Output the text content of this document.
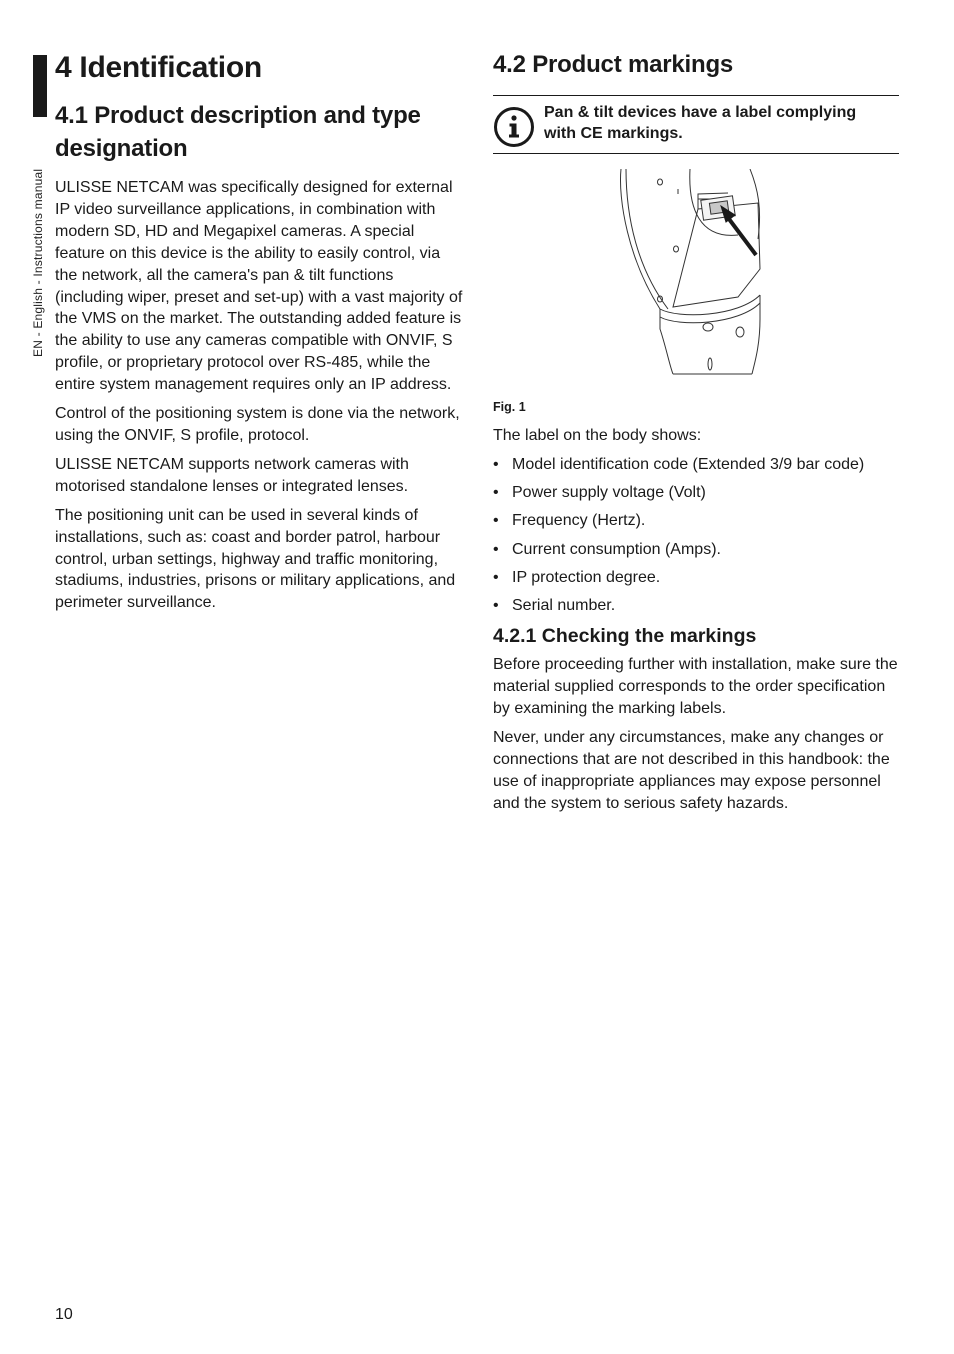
EN - English - Instructions manual
4 Identification
4.1 Product description and type designation

ULISSE NETCAM was specifically designed for external IP video surveillance applications, in combination with modern SD, HD and Megapixel cameras. A special feature on this device is the ability to easily control, via the network, all the camera's pan & tilt functions (including wiper, preset and set-up) with a vast majority of the VMS on the market. The outstanding added feature is the ability to use any cameras compatible with ONVIF, S profile, or proprietary protocol over RS-485, while the entire system management requires only an IP address.

Control of the positioning system is done via the network, using the ONVIF, S profile, protocol.

ULISSE NETCAM supports network cameras with motorised standalone lenses or integrated lenses.

The positioning unit can be used in several kinds of installations, such as: coast and border patrol, harbour control, urban settings, highway and traffic monitoring, stadiums, industries, prisons or military applications, and perimeter surveillance.

4.2 Product markings
Pan & tilt devices have a label complying with CE markings.
Fig. 1

The label on the body shows:

• Model identification code (Extended 3/9 bar code)
• Power supply voltage (Volt)
• Frequency (Hertz).
• Current consumption (Amps).
• IP protection degree.
• Serial number.
4.2.1 Checking the markings

Before proceeding further with installation, make sure the material supplied corresponds to the order specification by examining the marking labels.

Never, under any circumstances, make any changes or connections that are not described in this handbook: the use of inappropriate appliances may expose personnel and the system to serious safety hazards.

10
